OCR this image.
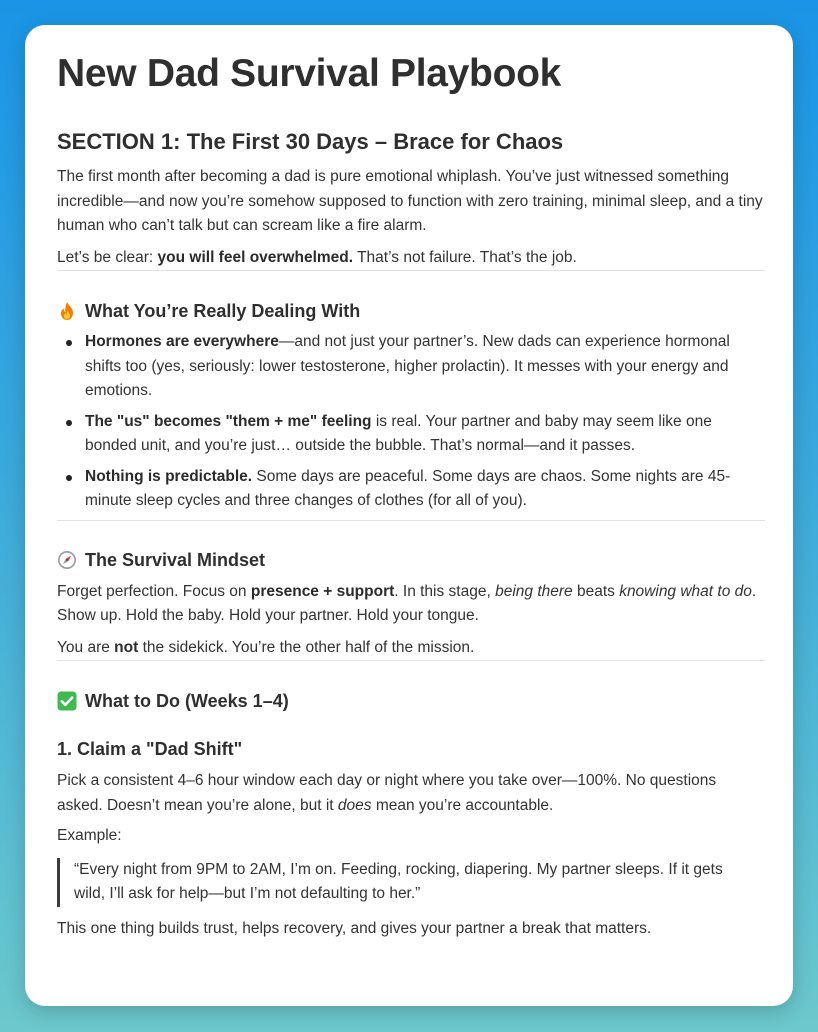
New Dad Survival Playbook
SECTION 1: The First 30 Days – Brace for Chaos

The first month after becoming a dad is pure emotional whiplash. You’ve just witnessed something incredible—and now you’re somehow supposed to function with zero training, minimal sleep, and a tiny human who can’t talk but can scream like a fire alarm.

Let’s be clear: you will feel overwhelmed. That’s not failure. That’s the job.

What You’re Really Dealing With
Hormones are everywhere—and not just your partner’s. New dads can experience hormonal shifts too (yes, seriously: lower testosterone, higher prolactin). It messes with your energy and emotions.
The "us" becomes "them + me" feeling is real. Your partner and baby may seem like one bonded unit, and you’re just… outside the bubble. That’s normal—and it passes.
Nothing is predictable. Some days are peaceful. Some days are chaos. Some nights are 45-minute sleep cycles and three changes of clothes (for all of you).
The Survival Mindset

Forget perfection. Focus on presence + support. In this stage, being there beats knowing what to do. Show up. Hold the baby. Hold your partner. Hold your tongue.

You are not the sidekick. You’re the other half of the mission.

What to Do (Weeks 1–4)
1. Claim a "Dad Shift"

Pick a consistent 4–6 hour window each day or night where you take over—100%. No questions asked. Doesn’t mean you’re alone, but it does mean you’re accountable.

Example:

“Every night from 9PM to 2AM, I’m on. Feeding, rocking, diapering. My partner sleeps. If it gets wild, I’ll ask for help—but I’m not defaulting to her.”

This one thing builds trust, helps recovery, and gives your partner a break that matters.
